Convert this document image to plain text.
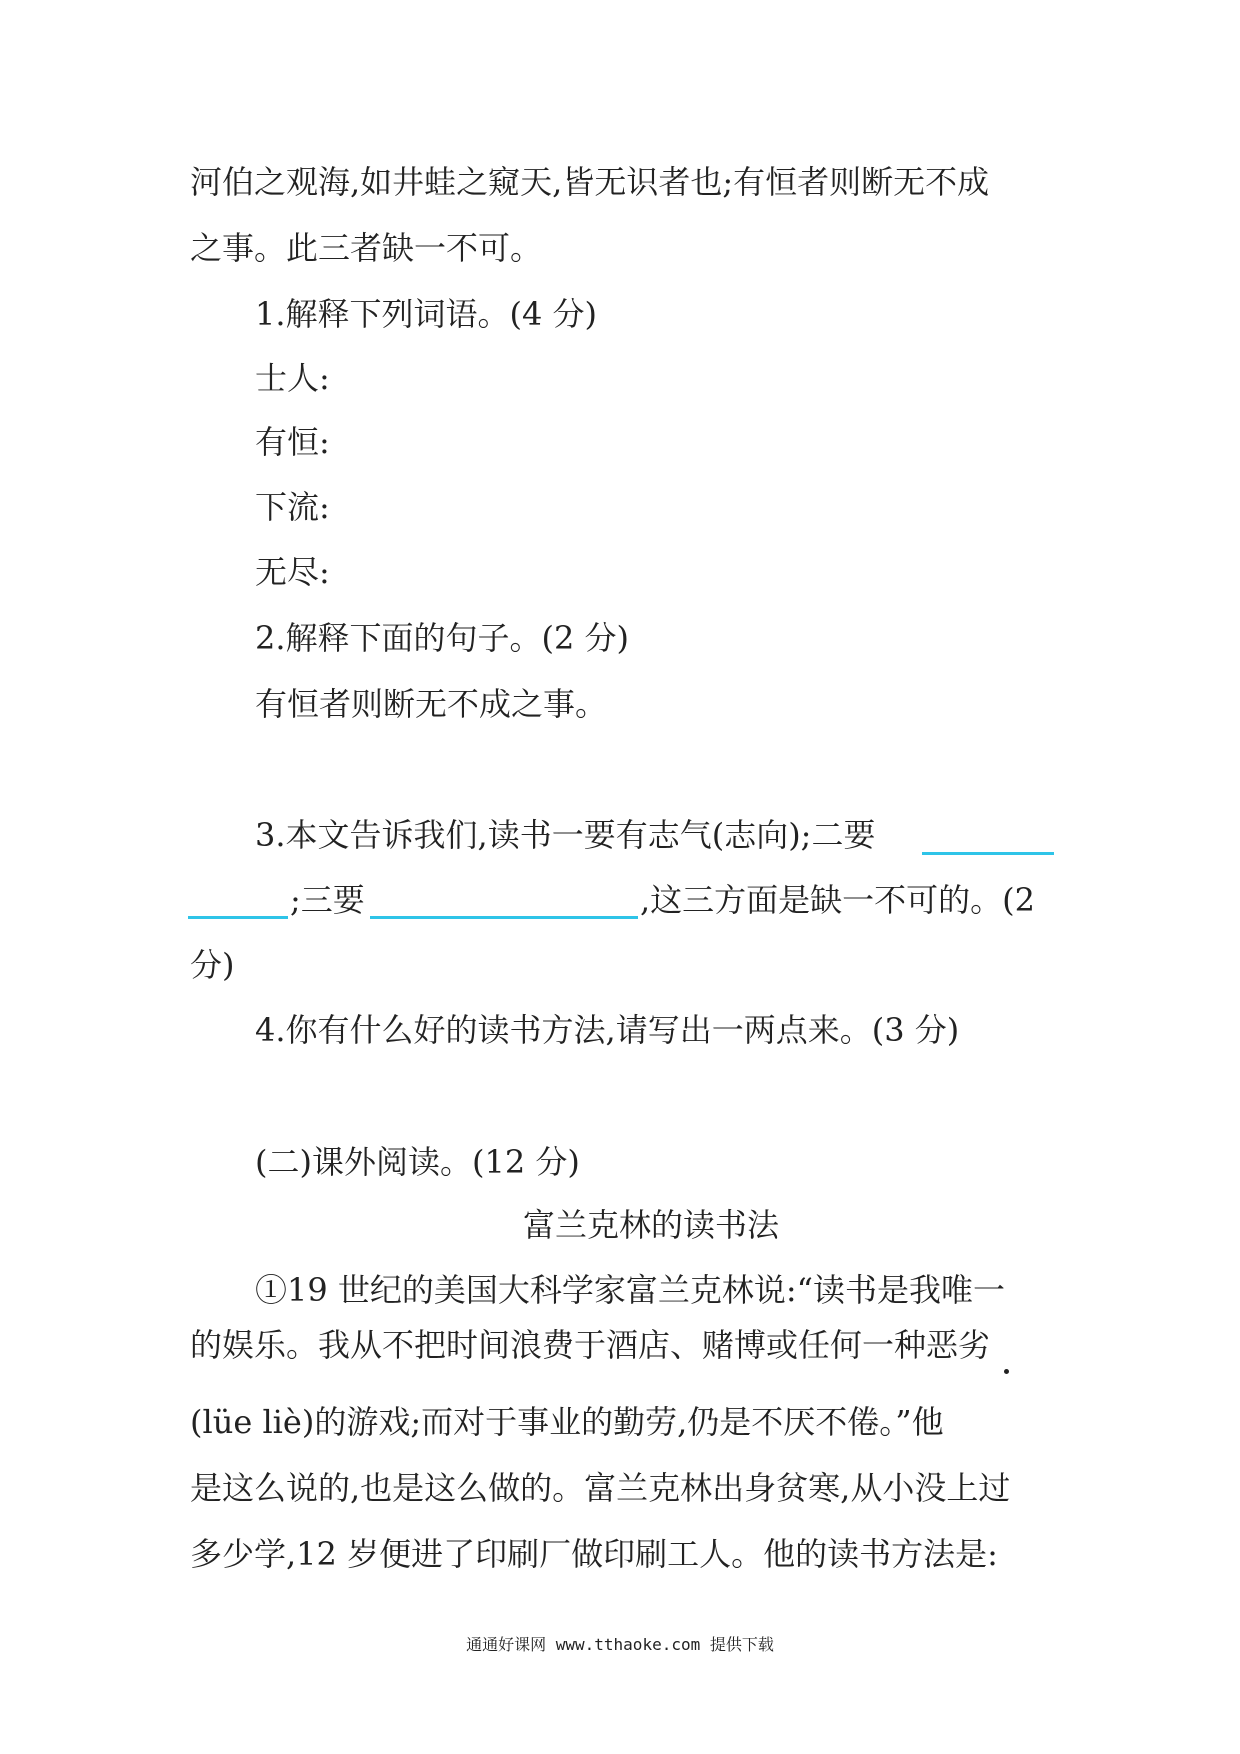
河伯之观海,如井蛙之窥天,皆无识者也;有恒者则断无不成
之事。此三者缺一不可。
1.解释下列词语。(4 分)
士人:
有恒:
下流:
无尽:
2.解释下面的句子。(2 分)
有恒者则断无不成之事。
3.本文告诉我们,读书一要有志气(志向);二要
;三要	,这三方面是缺一不可的。(2
分)
4.你有什么好的读书方法,请写出一两点来。(3 分)
(二)课外阅读。(12 分)
富兰克林的读书法
①19 世纪的美国大科学家富兰克林说:“读书是我唯一
的娱乐。我从不把时间浪费于酒店、赌博或任何一种恶劣
(lüe liè)的游戏;而对于事业的勤劳,仍是不厌不倦。”他
是这么说的,也是这么做的。富兰克林出身贫寒,从小没上过
多少学,12 岁便进了印刷厂做印刷工人。他的读书方法是:
通通好课网 www.tthaoke.com 提供下载
